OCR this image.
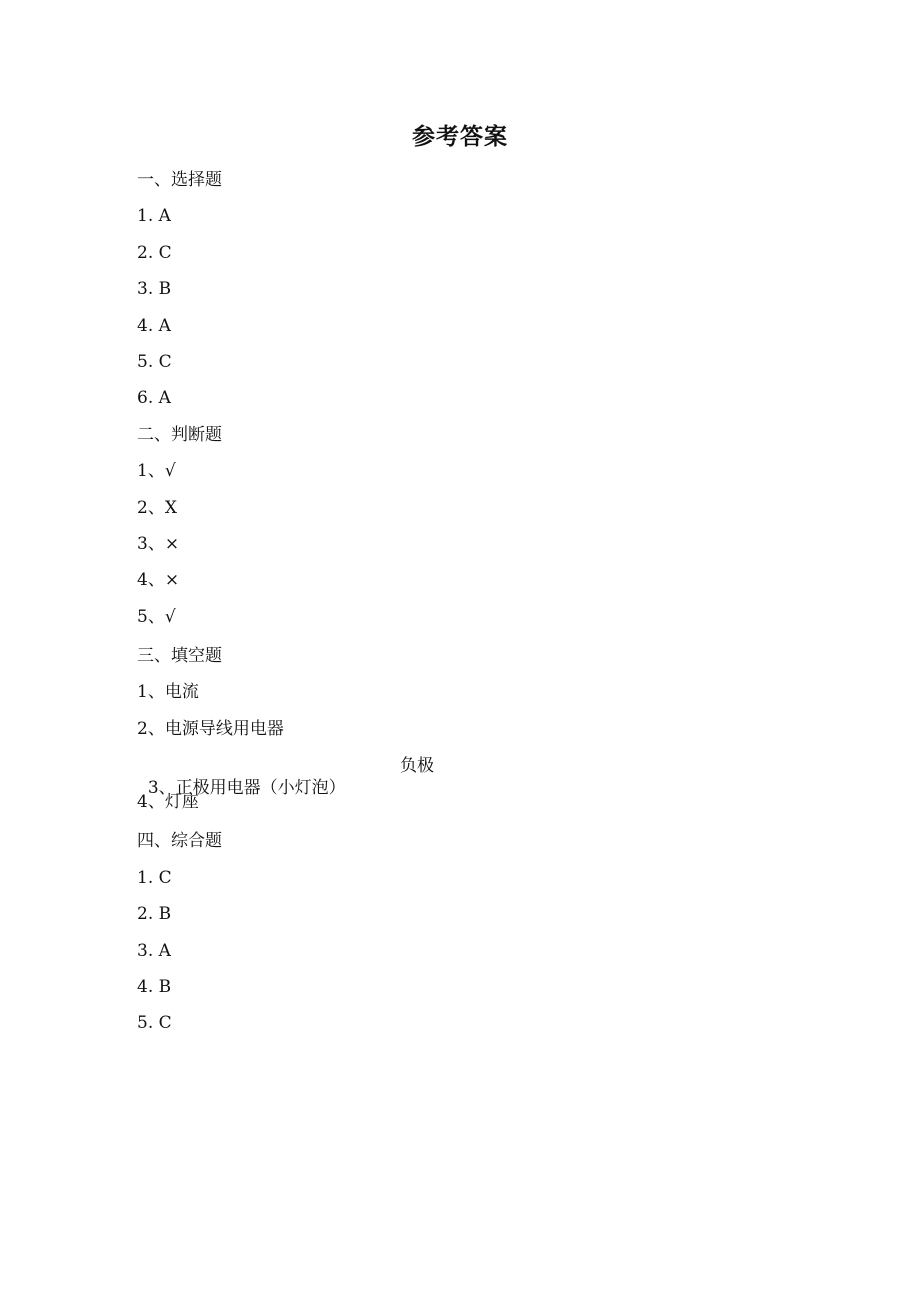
参考答案
一、选择题
1. A
2. C
3. B
4. A
5. C
6. A
二、判断题
1、√
2、X
3、×
4、×
5、√
三、填空题
1、电流
2、电源导线用电器

3、正极用电器（小灯泡）

负极

4、灯座
四、综合题
1. C
2. B
3. A
4. B
5. C
